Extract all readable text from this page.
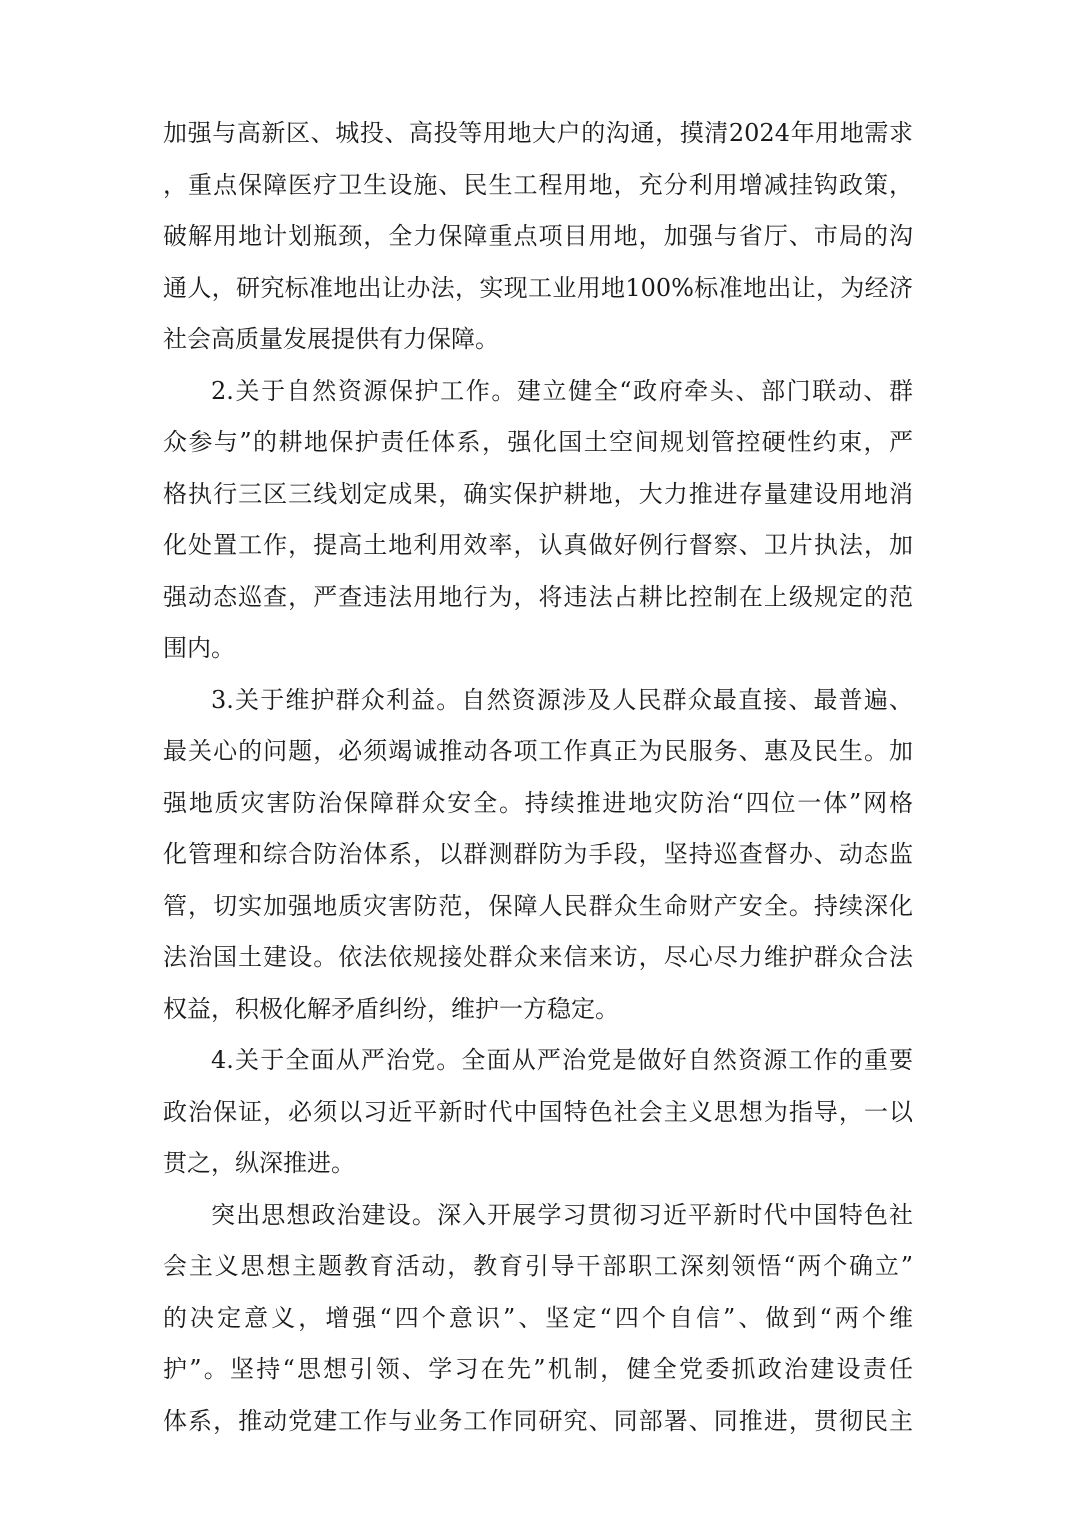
加强与高新区、城投、高投等用地大户的沟通，摸清2024年用地需求
，重点保障医疗卫生设施、民生工程用地，充分利用增减挂钩政策，
破解用地计划瓶颈，全力保障重点项目用地，加强与省厅、市局的沟
通人，研究标准地出让办法，实现工业用地100%标准地出让，为经济
社会高质量发展提供有力保障。
2.关于自然资源保护工作。建立健全“政府牵头、部门联动、群
众参与”的耕地保护责任体系，强化国土空间规划管控硬性约束，严
格执行三区三线划定成果，确实保护耕地，大力推进存量建设用地消
化处置工作，提高土地利用效率，认真做好例行督察、卫片执法，加
强动态巡查，严查违法用地行为，将违法占耕比控制在上级规定的范
围内。
3.关于维护群众利益。自然资源涉及人民群众最直接、最普遍、
最关心的问题，必须竭诚推动各项工作真正为民服务、惠及民生。加
强地质灾害防治保障群众安全。持续推进地灾防治“四位一体”网格
化管理和综合防治体系，以群测群防为手段，坚持巡查督办、动态监
管，切实加强地质灾害防范，保障人民群众生命财产安全。持续深化
法治国土建设。依法依规接处群众来信来访，尽心尽力维护群众合法
权益，积极化解矛盾纠纷，维护一方稳定。
4.关于全面从严治党。全面从严治党是做好自然资源工作的重要
政治保证，必须以习近平新时代中国特色社会主义思想为指导，一以
贯之，纵深推进。
突出思想政治建设。深入开展学习贯彻习近平新时代中国特色社
会主义思想主题教育活动，教育引导干部职工深刻领悟“两个确立”
的决定意义，增强“四个意识”、坚定“四个自信”、做到“两个维
护”。坚持“思想引领、学习在先”机制，健全党委抓政治建设责任
体系，推动党建工作与业务工作同研究、同部署、同推进，贯彻民主
